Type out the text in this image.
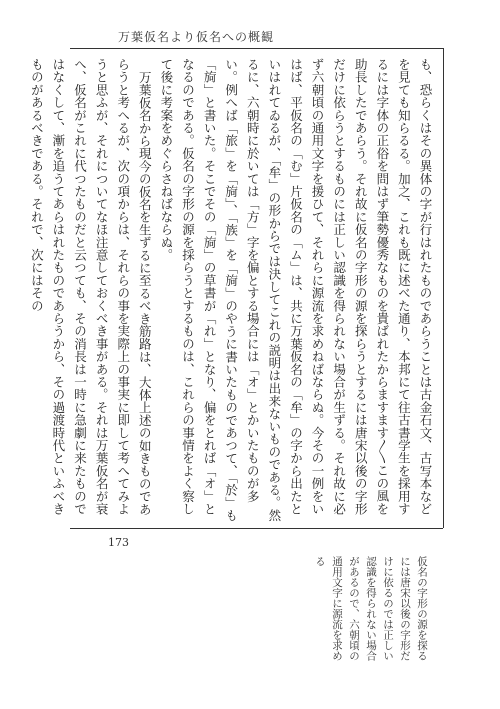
万葉仮名より仮名への概観

も、恐らくはその異体の字が行はれたものであらうことは古金石文、古写本などを見ても知らるる。加之、これも既に述べた通り、本邦にて往古書学生を採用するには字体の正俗を問はず筆勢優秀なものを貴ばれたからますます〳〵この風を助長したであらう。それ故に仮名の字形の源を探らうとするには唐宋以後の字形だけに依らうとするものには正しい認識を得られない場合が生ずる。それ故に必ず六朝頃の通用文字を援ひて、それらに源流を求めねばならぬ。今その一例をいはば、平仮名の「む」片仮名の「ム」は、共に万葉仮名の「牟」の字から出たといはれてゐるが、「牟」の形からでは決してこれの説明は出来ないものである。然るに、六朝時に於いては「方」字を偏とする場合には「オ」とかいたものが多い。例へば「旅」を「㫊」、「族」を「㫊」のやうに書いたものであつて、「於」も「㫊」と書いた。そこでその「㫊」の草書が「れ」となり、偏をとれば「オ」となるのである。仮名の字形の源を採らうとするものは、これらの事情をよく察して後に考案をめぐらさねばならぬ。

万葉仮名から現今の仮名を生ずるに至るべき筋路は、大体上述の如きものであらうと考へるが、次の項からは、それらの事を実際上の事実に即して考へてみようと思ふが、それについてなほ注意しておくべき事がある。それは万葉仮名が衰へ、仮名がこれに代つたものだと云つても、その消長は一時に急劇に来たものではなくして、漸を追うてあらはれたものであらうから、その過渡時代といふべきものがあるべきである。それで、次にはその

173
仮名の字形の源を探るには唐宋以後の字形だけに依るのでは正しい認識を得られない場合があるので、六朝頃の通用文字に源流を求める
